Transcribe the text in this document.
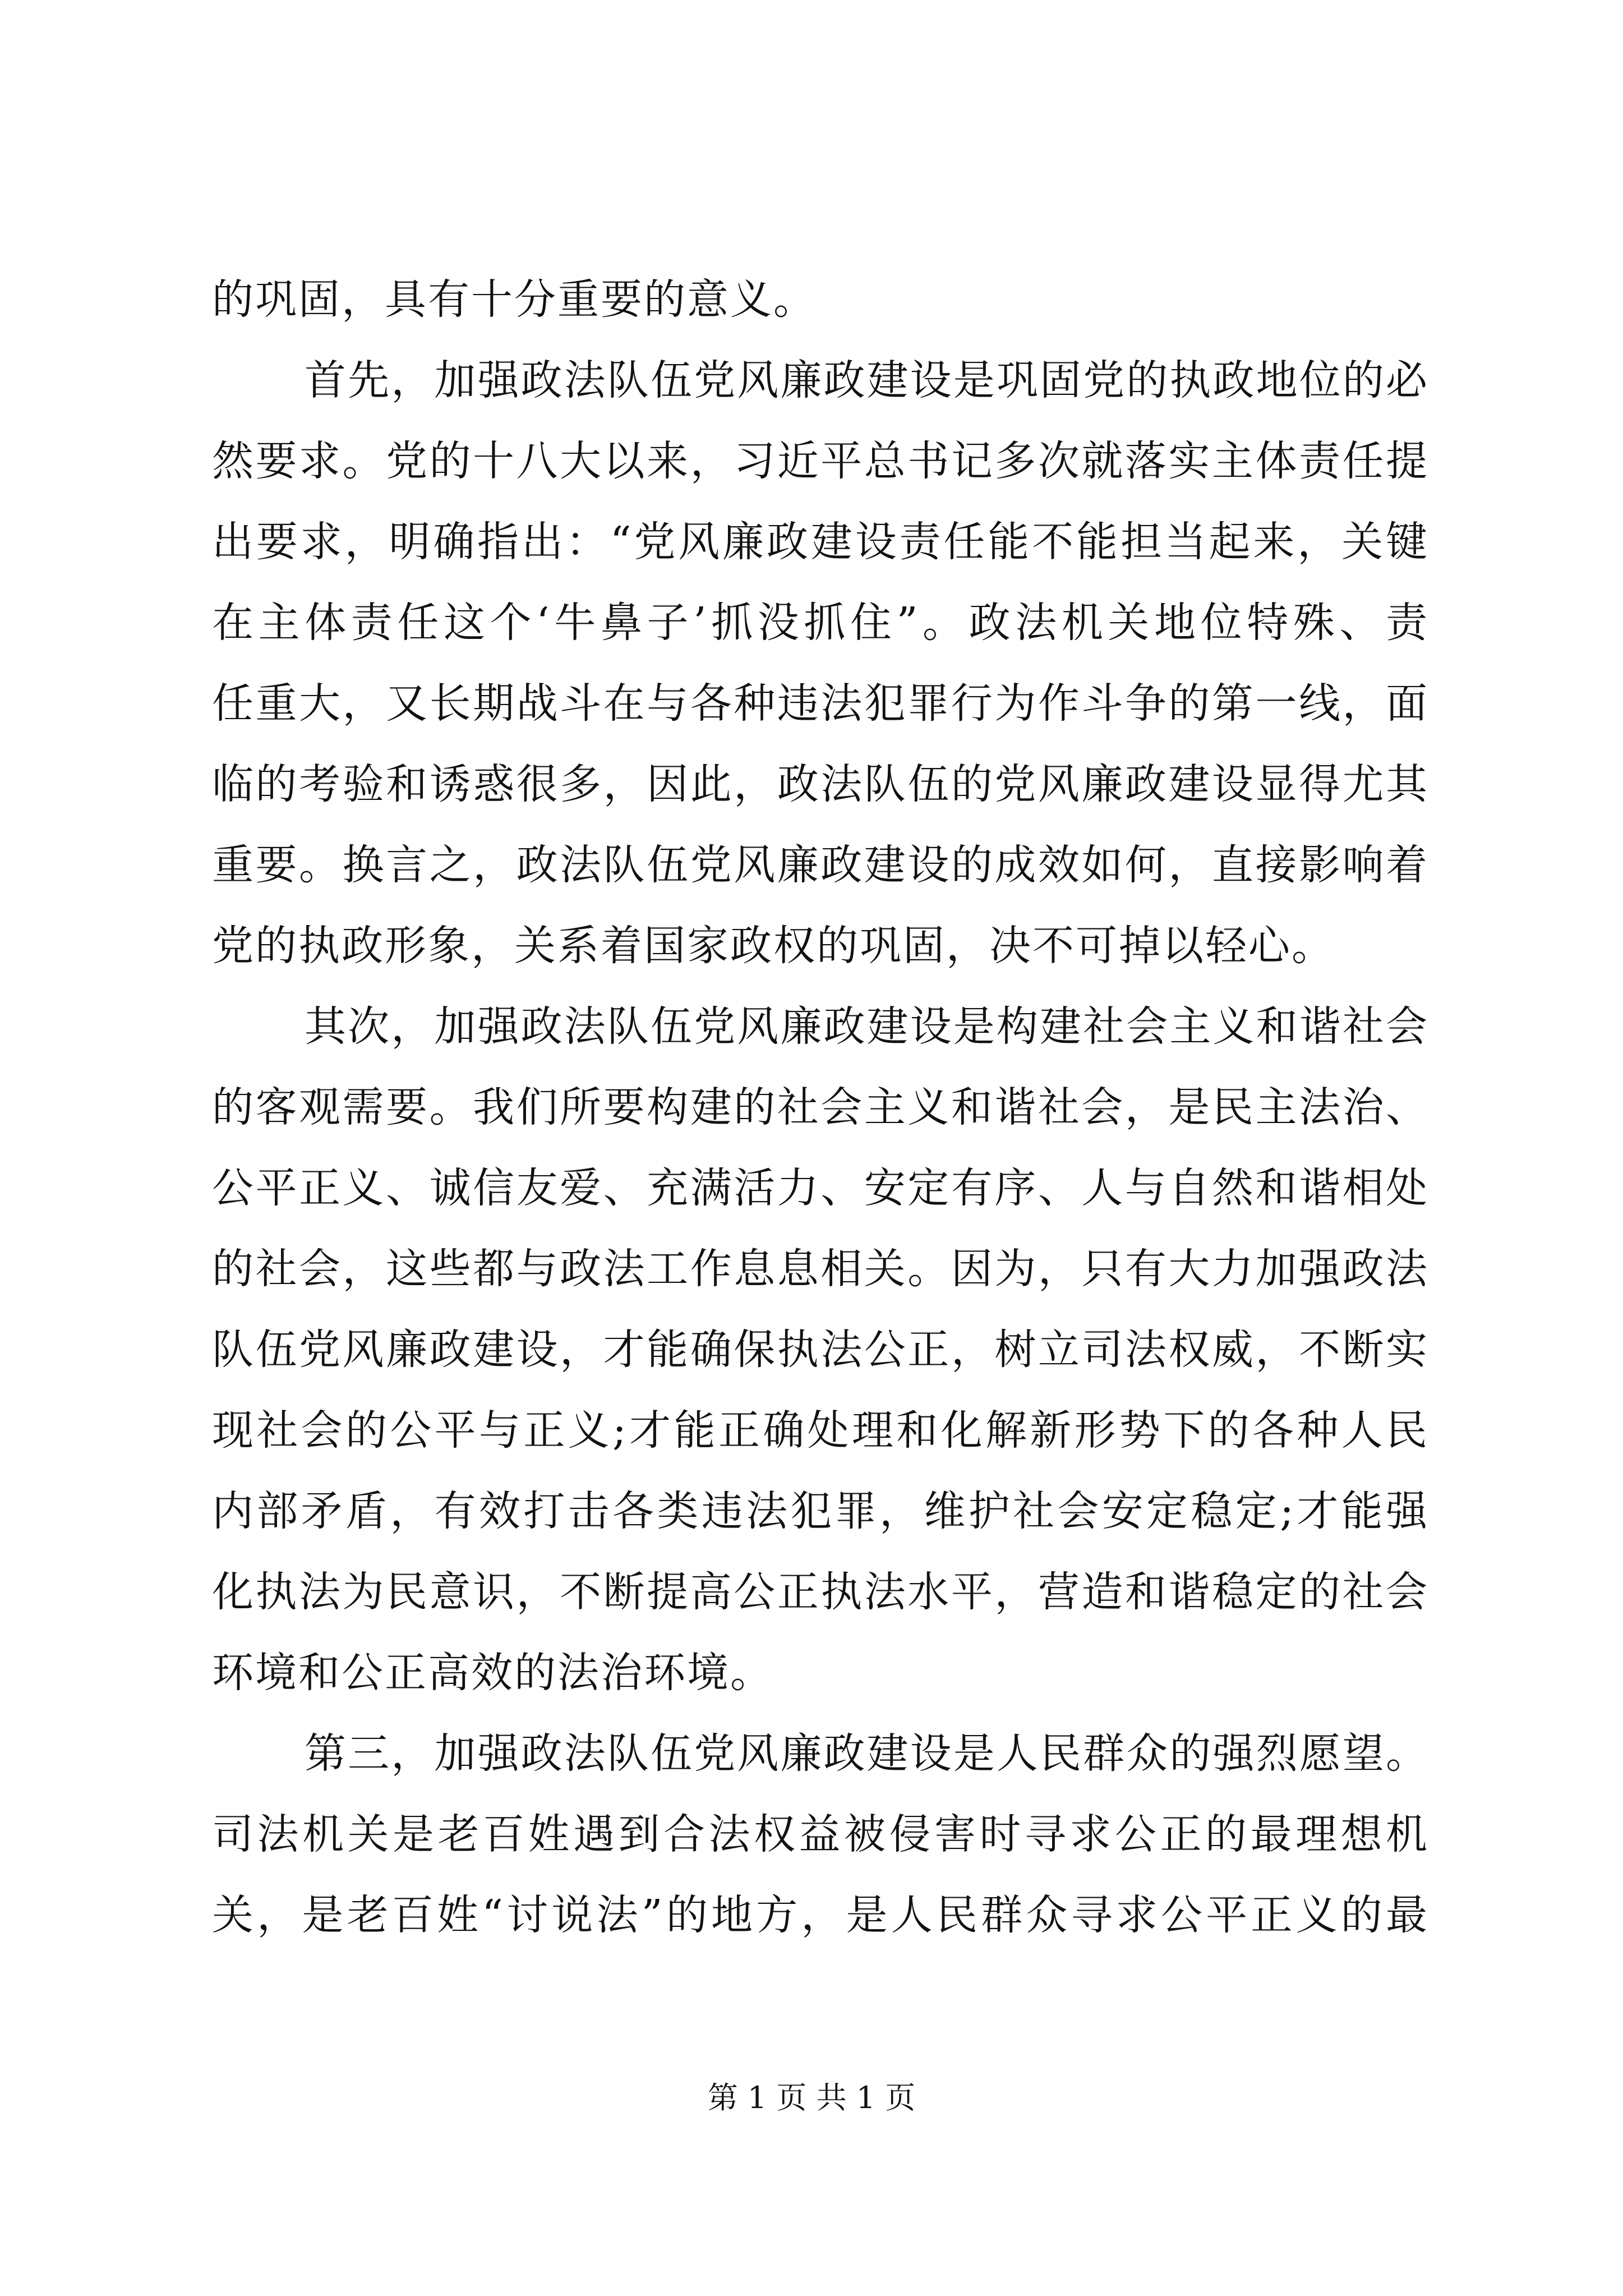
的巩固，具有十分重要的意义。
首先，加强政法队伍党风廉政建设是巩固党的执政地位的必
然要求。党的十八大以来，习近平总书记多次就落实主体责任提
出要求，明确指出：“党风廉政建设责任能不能担当起来，关键
在主体责任这个‘牛鼻子’抓没抓住”。政法机关地位特殊、责
任重大，又长期战斗在与各种违法犯罪行为作斗争的第一线，面
临的考验和诱惑很多，因此，政法队伍的党风廉政建设显得尤其
重要。换言之，政法队伍党风廉政建设的成效如何，直接影响着
党的执政形象，关系着国家政权的巩固，决不可掉以轻心。
其次，加强政法队伍党风廉政建设是构建社会主义和谐社会
的客观需要。我们所要构建的社会主义和谐社会，是民主法治、
公平正义、诚信友爱、充满活力、安定有序、人与自然和谐相处
的社会，这些都与政法工作息息相关。因为，只有大力加强政法
队伍党风廉政建设，才能确保执法公正，树立司法权威，不断实
现社会的公平与正义;才能正确处理和化解新形势下的各种人民
内部矛盾，有效打击各类违法犯罪，维护社会安定稳定;才能强
化执法为民意识，不断提高公正执法水平，营造和谐稳定的社会
环境和公正高效的法治环境。
第三，加强政法队伍党风廉政建设是人民群众的强烈愿望。
司法机关是老百姓遇到合法权益被侵害时寻求公正的最理想机
关，是老百姓“讨说法”的地方，是人民群众寻求公平正义的最
第 1 页 共 1 页
